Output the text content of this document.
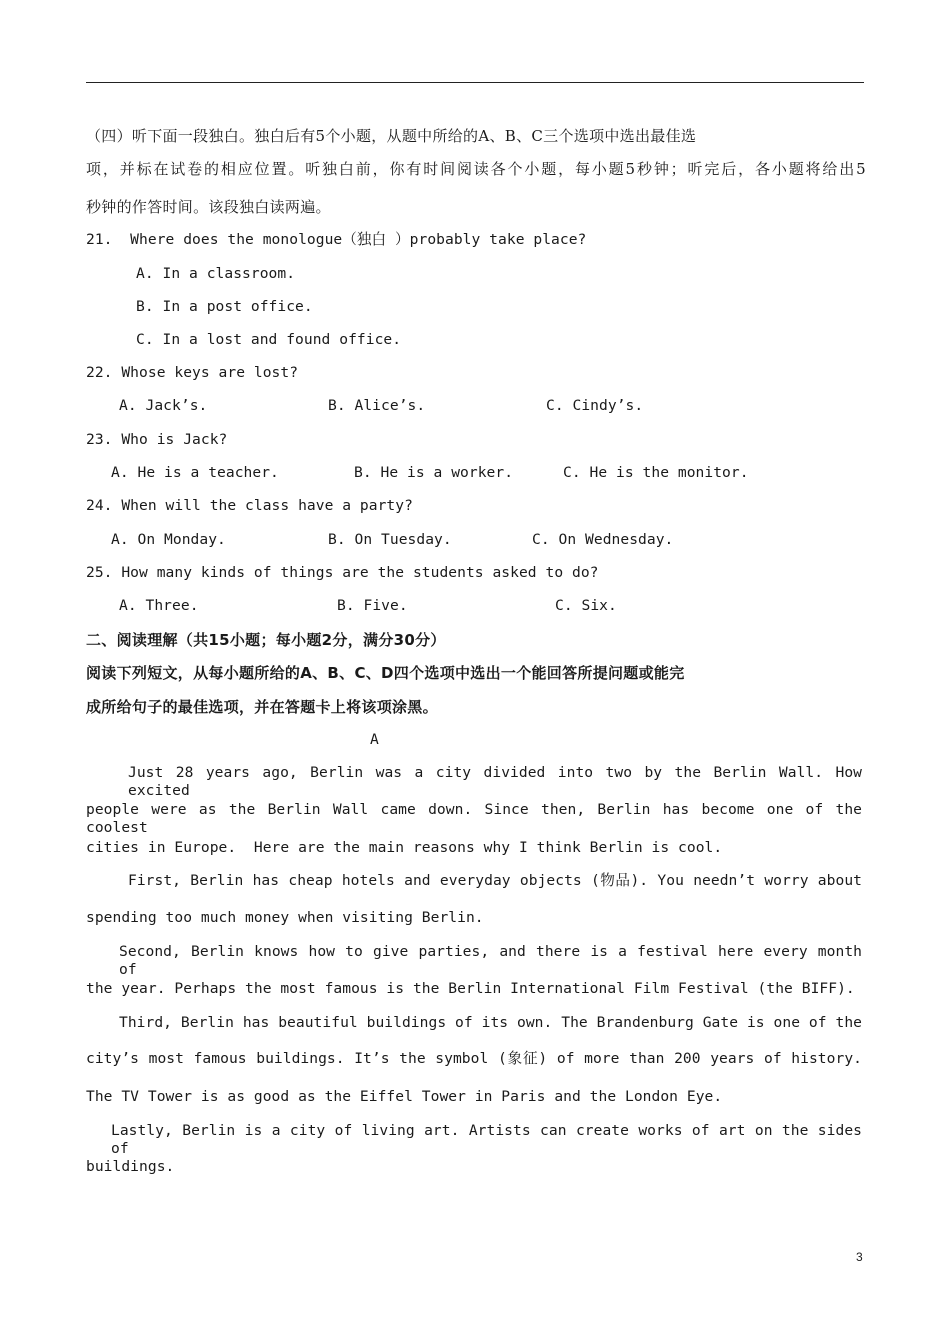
（四）听下面一段独白。独白后有5个小题，从题中所给的A、B、C三个选项中选出最佳选
项，并标在试卷的相应位置。听独白前，你有时间阅读各个小题，每小题5秒钟；听完后，各小题将给出5
秒钟的作答时间。该段独白读两遍。
21.  Where does the monologue（独白 ）probably take place?
A. In a classroom.
B. In a post office.
C. In a lost and found office.
22. Whose keys are lost?
A. Jack’s.	B. Alice’s.	C. Cindy’s.
23. Who is Jack?
A. He is a teacher.	B. He is a worker.	C. He is the monitor.
24. When will the class have a party?
A. On Monday.	B. On Tuesday.	C. On Wednesday.
25. How many kinds of things are the students asked to do?
A. Three.	B. Five.	C. Six.
二、阅读理解（共15小题；每小题2分，满分30分）
阅读下列短文，从每小题所给的A、B、C、D四个选项中选出一个能回答所提问题或能完
成所给句子的最佳选项，并在答题卡上将该项涂黑。
A
Just 28 years ago, Berlin was a city divided into two by the Berlin Wall. How excited
people were as the Berlin Wall came down. Since then, Berlin has become one of the coolest
cities in Europe.  Here are the main reasons why I think Berlin is cool.
First, Berlin has cheap hotels and everyday objects (物品). You needn’t worry about
spending too much money when visiting Berlin.
Second, Berlin knows how to give parties, and there is a festival here every month of
the year. Perhaps the most famous is the Berlin International Film Festival (the BIFF).
Third, Berlin has beautiful buildings of its own. The Brandenburg Gate is one of the
city’s most famous buildings. It’s the symbol (象征) of more than 200 years of history.
The TV Tower is as good as the Eiffel Tower in Paris and the London Eye.
Lastly, Berlin is a city of living art. Artists can create works of art on the sides of
buildings.
3
